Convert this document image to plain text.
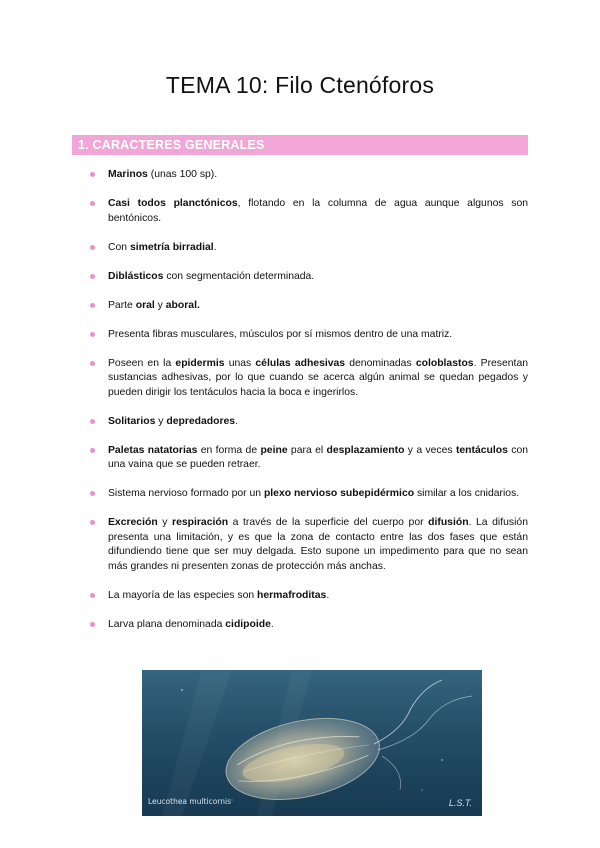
TEMA 10: Filo Ctenóforos
1. CARACTERES GENERALES
Marinos (unas 100 sp).
Casi todos planctónicos, flotando en la columna de agua aunque algunos son bentónicos.
Con simetría birradial.
Diblásticos con segmentación determinada.
Parte oral y aboral.
Presenta fibras musculares, músculos por sí mismos dentro de una matriz.
Poseen en la epidermis unas células adhesivas denominadas coloblastos. Presentan sustancias adhesivas, por lo que cuando se acerca algún animal se quedan pegados y pueden dirigir los tentáculos hacia la boca e ingerirlos.
Solitarios y depredadores.
Paletas natatorias en forma de peine para el desplazamiento y a veces tentáculos con una vaina que se pueden retraer.
Sistema nervioso formado por un plexo nervioso subepidérmico similar a los cnidarios.
Excreción y respiración a través de la superficie del cuerpo por difusión. La difusión presenta una limitación, y es que la zona de contacto entre las dos fases que están difundiendo tiene que ser muy delgada. Esto supone un impedimento para que no sean más grandes ni presenten zonas de protección más anchas.
La mayoría de las especies son hermafroditas.
Larva plana denominada cidipoide.
Leucothea multicornis	L.S.T.
